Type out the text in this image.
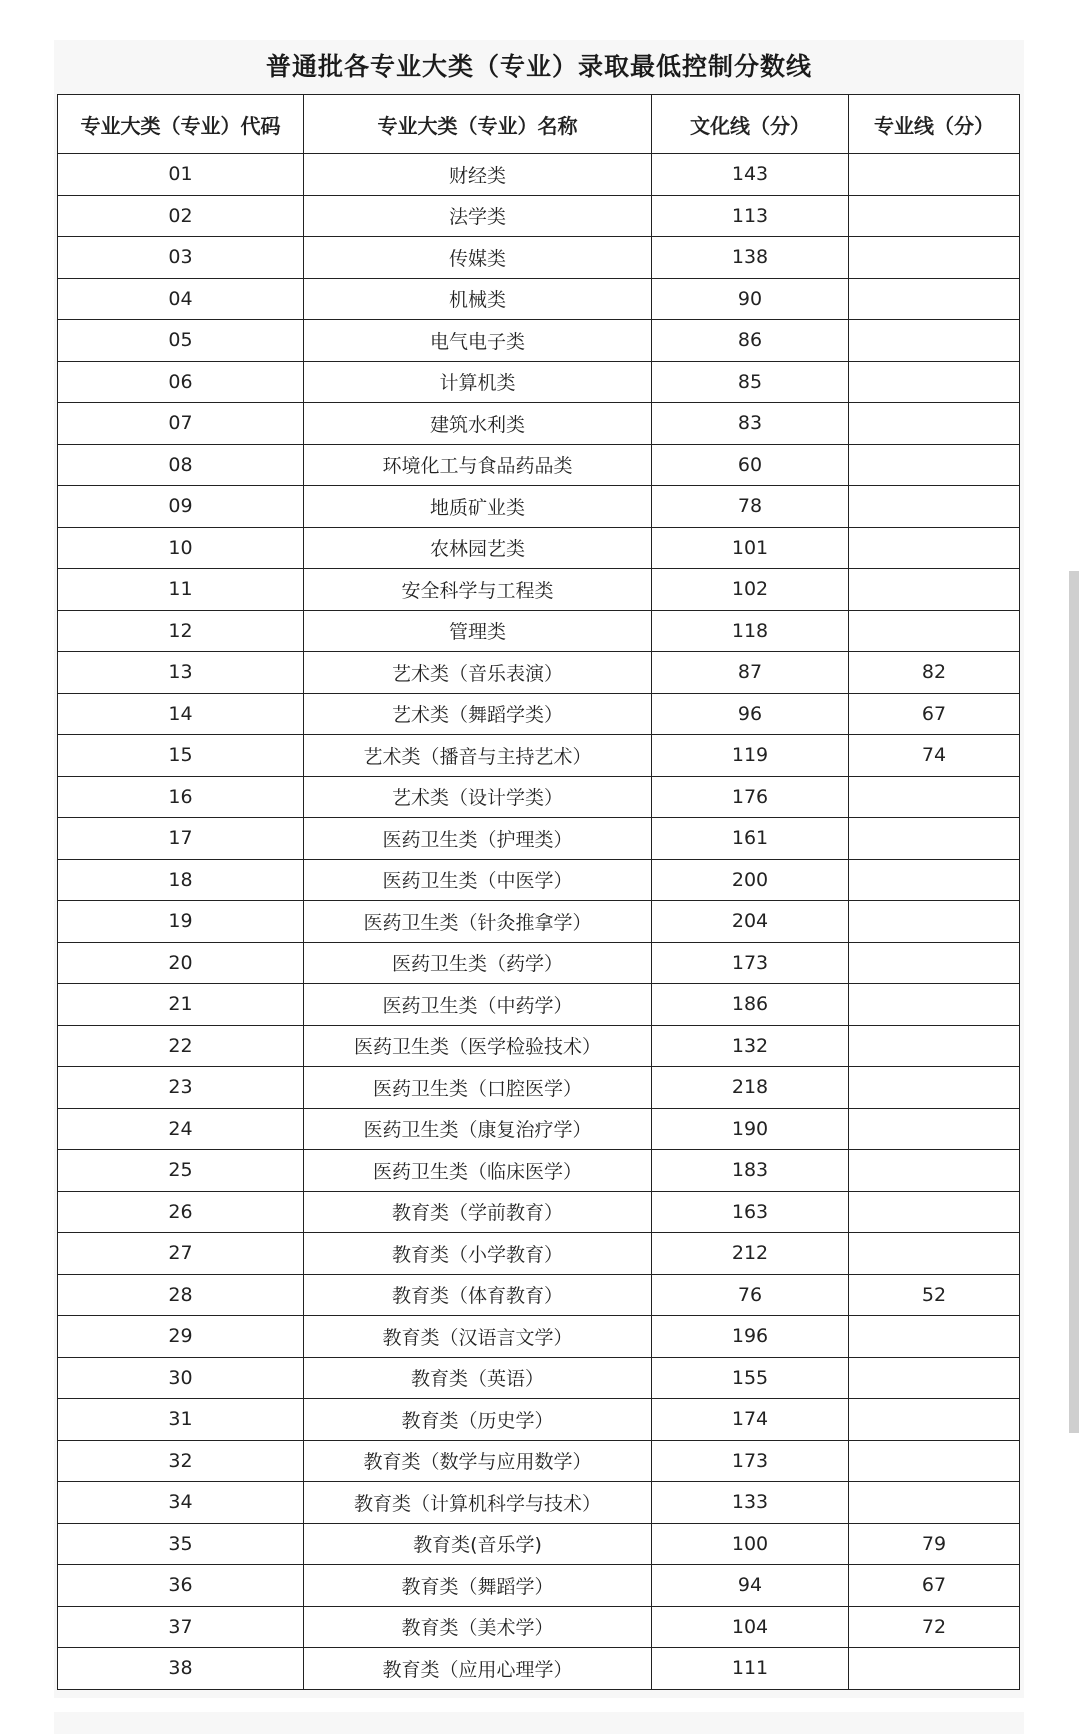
普通批各专业大类（专业）录取最低控制分数线
专业大类（专业）代码	专业大类（专业）名称	文化线（分）	专业线（分）
01	财经类	143	
02	法学类	113	
03	传媒类	138	
04	机械类	90	
05	电气电子类	86	
06	计算机类	85	
07	建筑水利类	83	
08	环境化工与食品药品类	60	
09	地质矿业类	78	
10	农林园艺类	101	
11	安全科学与工程类	102	
12	管理类	118	
13	艺术类（音乐表演）	87	82
14	艺术类（舞蹈学类）	96	67
15	艺术类（播音与主持艺术）	119	74
16	艺术类（设计学类）	176	
17	医药卫生类（护理类）	161	
18	医药卫生类（中医学）	200	
19	医药卫生类（针灸推拿学）	204	
20	医药卫生类（药学）	173	
21	医药卫生类（中药学）	186	
22	医药卫生类（医学检验技术）	132	
23	医药卫生类（口腔医学）	218	
24	医药卫生类（康复治疗学）	190	
25	医药卫生类（临床医学）	183	
26	教育类（学前教育）	163	
27	教育类（小学教育）	212	
28	教育类（体育教育）	76	52
29	教育类（汉语言文学）	196	
30	教育类（英语）	155	
31	教育类（历史学）	174	
32	教育类（数学与应用数学）	173	
34	教育类（计算机科学与技术）	133	
35	教育类(音乐学)	100	79
36	教育类（舞蹈学）	94	67
37	教育类（美术学）	104	72
38	教育类（应用心理学）	111	
